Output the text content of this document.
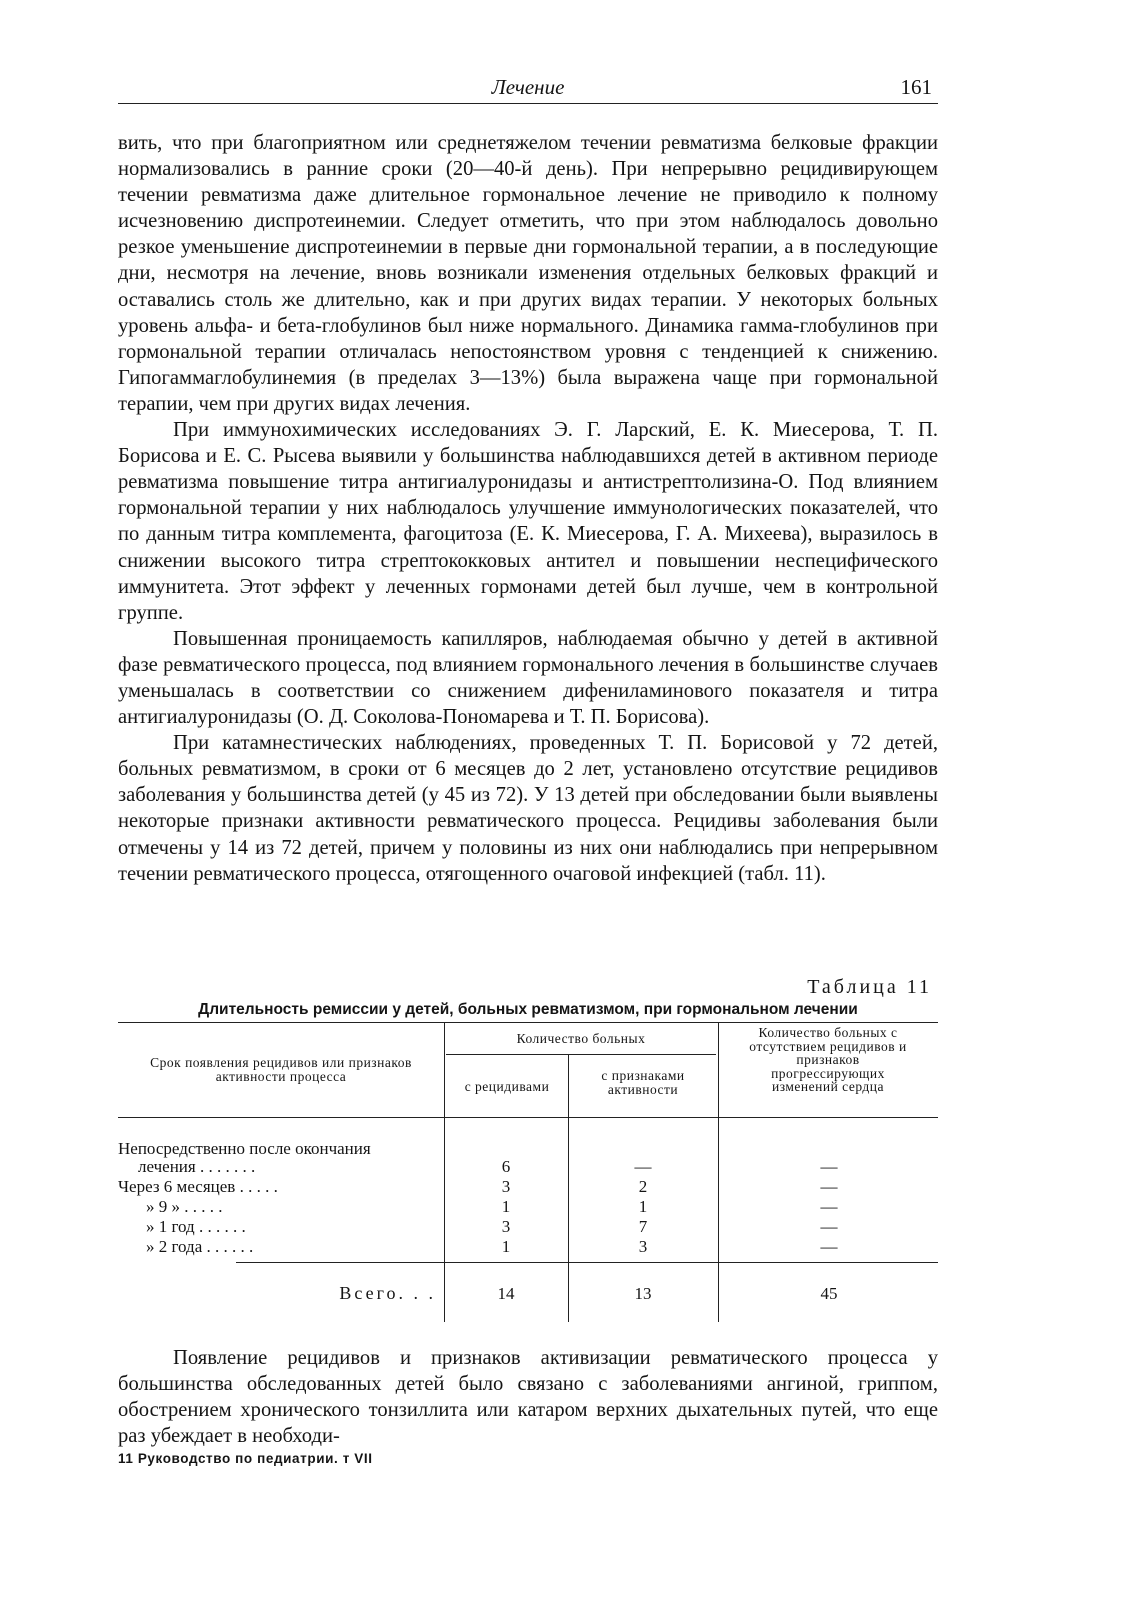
Лечение	161

вить, что при благоприятном или среднетяжелом течении ревматизма белковые фракции нормализовались в ранние сроки (20—40-й день). При непрерывно рецидивирующем течении ревматизма даже длительное гормональное лечение не приводило к полному исчезновению диспротеинемии. Следует отметить, что при этом наблюдалось довольно резкое уменьшение диспротеинемии в первые дни гормональной терапии, а в последующие дни, несмотря на лечение, вновь возникали изменения отдельных белковых фракций и оставались столь же длительно, как и при других видах терапии. У некоторых больных уровень альфа- и бета-глобулинов был ниже нормального. Динамика гамма-глобулинов при гормональной терапии отличалась непостоянством уровня с тенденцией к снижению. Гипогаммаглобулинемия (в пределах 3—13%) была выражена чаще при гормональной терапии, чем при других видах лечения.

При иммунохимических исследованиях Э. Г. Ларский, Е. К. Миесерова, Т. П. Борисова и Е. С. Рысева выявили у большинства наблюдавшихся детей в активном периоде ревматизма повышение титра антигиалуронидазы и антистрептолизина-О. Под влиянием гормональной терапии у них наблюдалось улучшение иммунологических показателей, что по данным титра комплемента, фагоцитоза (Е. К. Миесерова, Г. А. Михеева), выразилось в снижении высокого титра стрептококковых антител и повышении неспецифического иммунитета. Этот эффект у леченных гормонами детей был лучше, чем в контрольной группе.

Повышенная проницаемость капилляров, наблюдаемая обычно у детей в активной фазе ревматического процесса, под влиянием гормонального лечения в большинстве случаев уменьшалась в соответствии со снижением дифениламинового показателя и титра антигиалуронидазы (О. Д. Соколова-Пономарева и Т. П. Борисова).

При катамнестических наблюдениях, проведенных Т. П. Борисовой у 72 детей, больных ревматизмом, в сроки от 6 месяцев до 2 лет, установлено отсутствие рецидивов заболевания у большинства детей (у 45 из 72). У 13 детей при обследовании были выявлены некоторые признаки активности ревматического процесса. Рецидивы заболевания были отмечены у 14 из 72 детей, причем у половины из них они наблюдались при непрерывном течении ревматического процесса, отягощенного очаговой инфекцией (табл. 11).

Таблица 11
Длительность ремиссии у детей, больных ревматизмом, при гормональном лечении
Срок появления рецидивов или признаков активности процесса
Количество больных
с рецидивами
с признаками активности
Количество больных с отсутствием рецидивов и признаков прогрессирующих изменений сердца
Непосредственно после окончания
лечения . . . . . . .	6	—	—
Через 6 месяцев . . . . .	3	2	—
» 9 » . . . . .	1	1	—
» 1 год . . . . . .	3	7	—
» 2 года . . . . . .	1	3	—
Всего. . .	14	13	45

Появление рецидивов и признаков активизации ревматического процесса у большинства обследованных детей было связано с заболеваниями ангиной, гриппом, обострением хронического тонзиллита или катаром верхних дыхательных путей, что еще раз убеждает в необходи-

11 Руководство по педиатрии. т VII
